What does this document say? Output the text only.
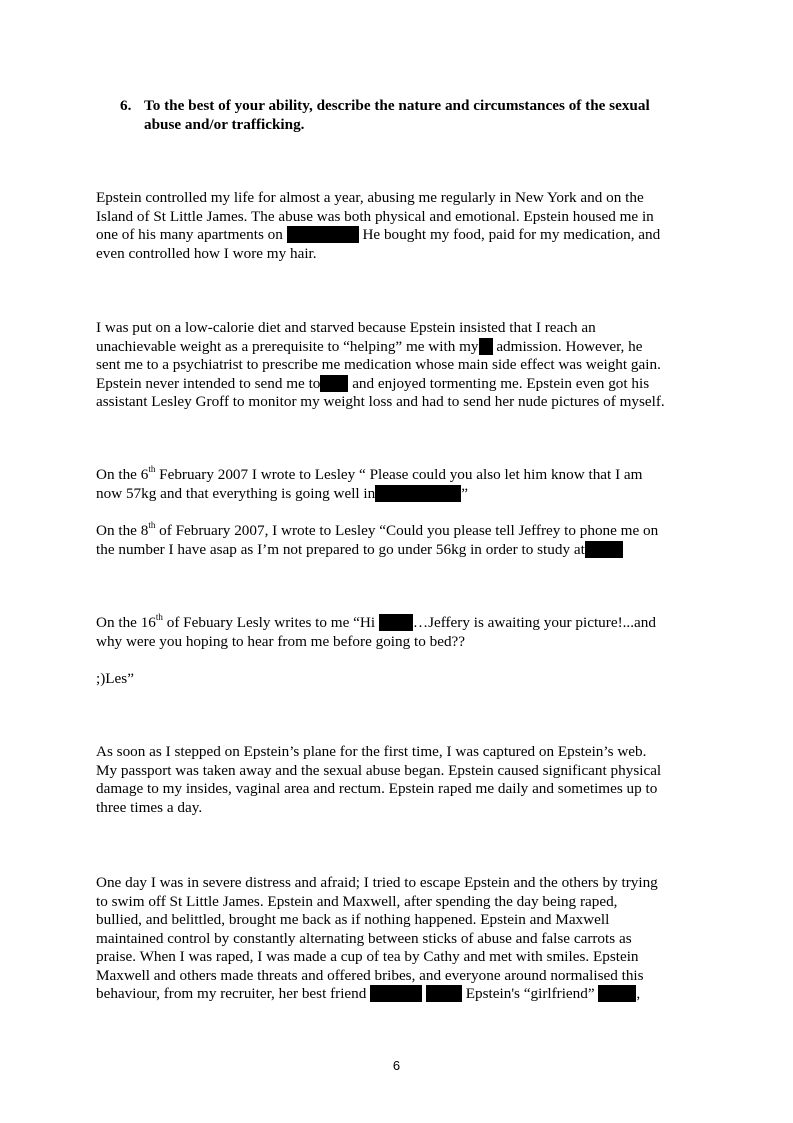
6. To the best of your ability, describe the nature and circumstances of the sexual
abuse and/or trafficking.
Epstein controlled my life for almost a year, abusing me regularly in New York and on the
Island of St Little James. The abuse was both physical and emotional. Epstein housed me in
one of his many apartments on	He bought my food, paid for my medication, and
even controlled how I wore my hair.
I was put on a low-calorie diet and starved because Epstein insisted that I reach an
unachievable weight as a prerequisite to “helping” me with my admission. However, he
sent me to a psychiatrist to prescribe me medication whose main side effect was weight gain.
Epstein never intended to send me to and enjoyed tormenting me. Epstein even got his
assistant Lesley Groff to monitor my weight loss and had to send her nude pictures of myself.
On the 6th February 2007 I wrote to Lesley “ Please could you also let him know that I am
now 57kg and that everything is going well in	”
On the 8th of February 2007, I wrote to Lesley “Could you please tell Jeffrey to phone me on
the number I have asap as I’m not prepared to go under 56kg in order to study at
On the 16th of Febuary Lesly writes to me “Hi …Jeffery is awaiting your picture!...and
why were you hoping to hear from me before going to bed??
;)Les”
As soon as I stepped on Epstein’s plane for the first time, I was captured on Epstein’s web.
My passport was taken away and the sexual abuse began. Epstein caused significant physical
damage to my insides, vaginal area and rectum. Epstein raped me daily and sometimes up to
three times a day.
One day I was in severe distress and afraid; I tried to escape Epstein and the others by trying
to swim off St Little James. Epstein and Maxwell, after spending the day being raped,
bullied, and belittled, brought me back as if nothing happened. Epstein and Maxwell
maintained control by constantly alternating between sticks of abuse and false carrots as
praise. When I was raped, I was made a cup of tea by Cathy and met with smiles. Epstein
Maxwell and others made threats and offered bribes, and everyone around normalised this
behaviour, from my recruiter, her best friend	Epstein's “girlfriend”	,
6
